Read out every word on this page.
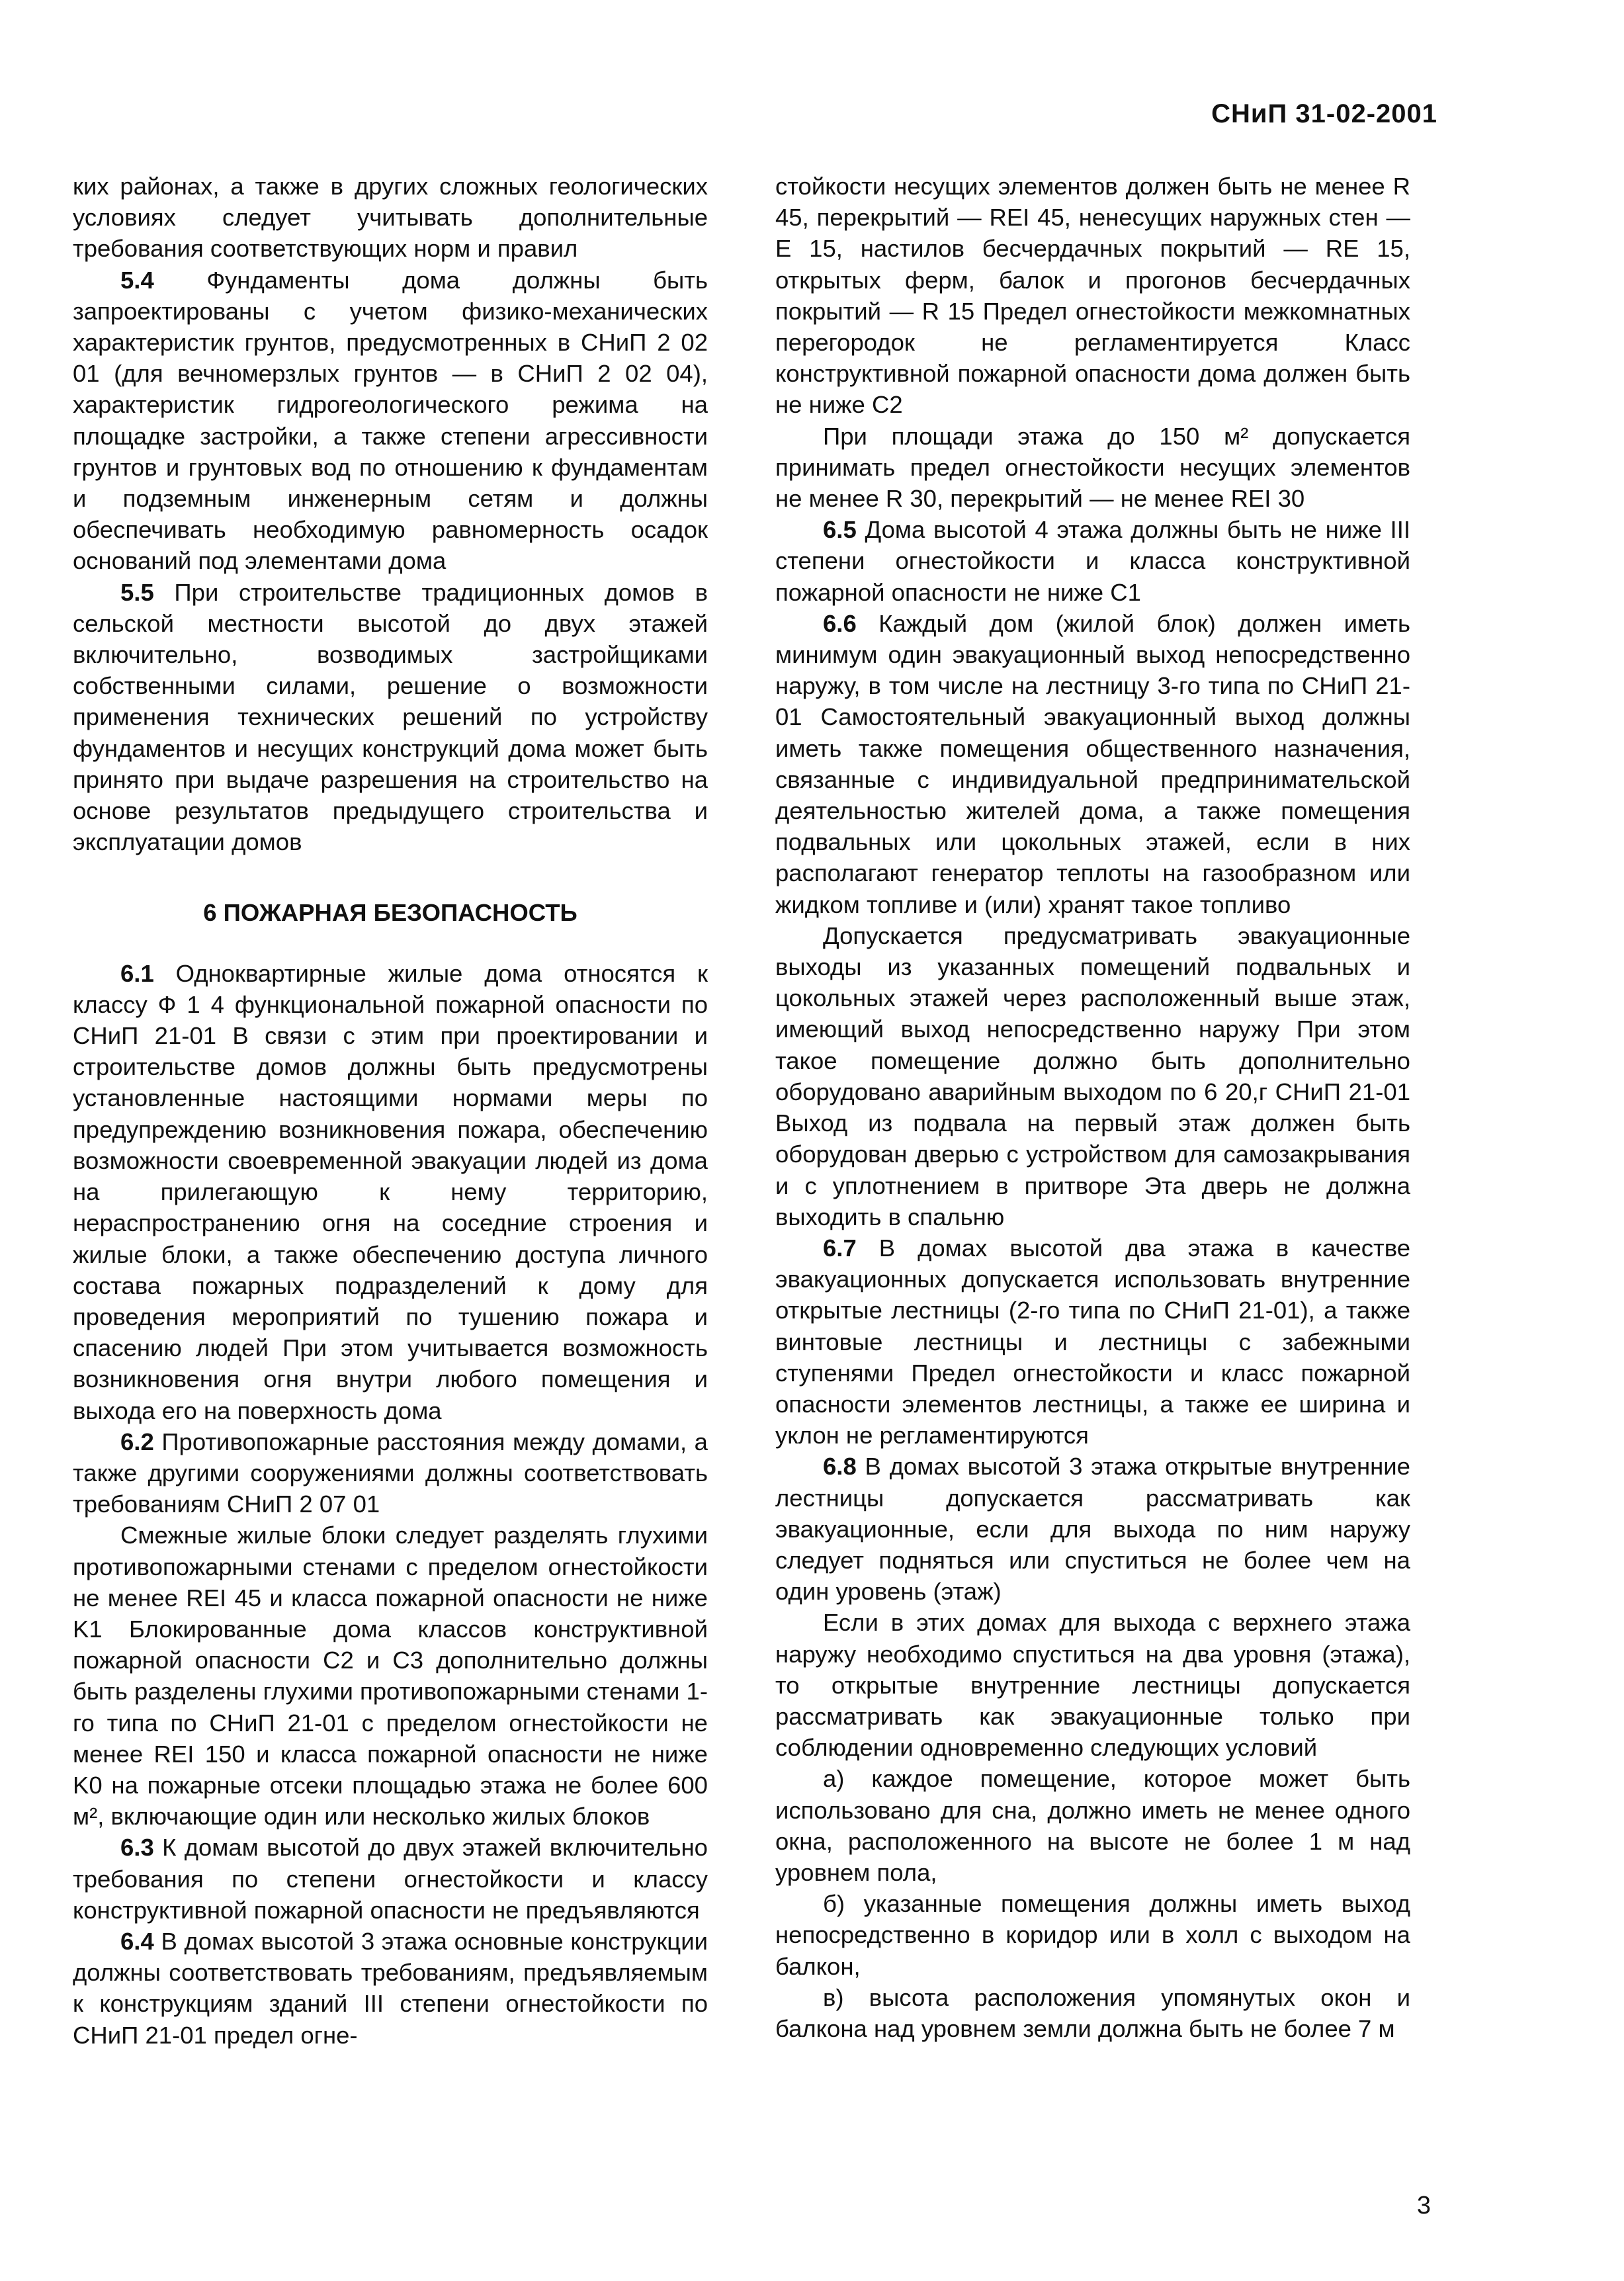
СНиП 31-02-2001

ких районах, а также в других сложных геологических условиях следует учитывать дополнительные требования соответствующих норм и правил

5.4 Фундаменты дома должны быть запроектированы с учетом физико-механических характеристик грунтов, предусмотренных в СНиП 2 02 01 (для вечномерзлых грунтов — в СНиП 2 02 04), характеристик гидрогеологического режима на площадке застройки, а также степени агрессивности грунтов и грунтовых вод по отношению к фундаментам и подземным инженерным сетям и должны обеспечивать необходимую равномерность осадок оснований под элементами дома

5.5 При строительстве традиционных домов в сельской местности высотой до двух этажей включительно, возводимых застройщиками собственными силами, решение о возможности применения технических решений по устройству фундаментов и несущих конструкций дома может быть принято при выдаче разрешения на строительство на основе результатов предыдущего строительства и эксплуатации домов

6 ПОЖАРНАЯ БЕЗОПАСНОСТЬ

6.1 Одноквартирные жилые дома относятся к классу Ф 1 4 функциональной пожарной опасности по СНиП 21-01 В связи с этим при проектировании и строительстве домов должны быть предусмотрены установленные настоящими нормами меры по предупреждению возникновения пожара, обеспечению возможности своевременной эвакуации людей из дома на прилегающую к нему территорию, нераспространению огня на соседние строения и жилые блоки, а также обеспечению доступа личного состава пожарных подразделений к дому для проведения мероприятий по тушению пожара и спасению людей При этом учитывается возможность возникновения огня внутри любого помещения и выхода его на поверхность дома

6.2 Противопожарные расстояния между домами, а также другими сооружениями должны соответствовать требованиям СНиП 2 07 01

Смежные жилые блоки следует разделять глухими противопожарными стенами с пределом огнестойкости не менее REI 45 и класса пожарной опасности не ниже K1 Блокированные дома классов конструктивной пожарной опасности C2 и C3 дополнительно должны быть разделены глухими противопожарными стенами 1-го типа по СНиП 21-01 с пределом огнестойкости не менее REI 150 и класса пожарной опасности не ниже K0 на пожарные отсеки площадью этажа не более 600 м², включающие один или несколько жилых блоков

6.3 К домам высотой до двух этажей включительно требования по степени огнестойкости и классу конструктивной пожарной опасности не предъявляются

6.4 В домах высотой 3 этажа основные конструкции должны соответствовать требованиям, предъявляемым к конструкциям зданий III степени огнестойкости по СНиП 21-01 предел огне-

стойкости несущих элементов должен быть не менее R 45, перекрытий — REI 45, ненесущих наружных стен — E 15, настилов бесчердачных покрытий — RE 15, открытых ферм, балок и прогонов бесчердачных покрытий — R 15 Предел огнестойкости межкомнатных перегородок не регламентируется Класс конструктивной пожарной опасности дома должен быть не ниже C2

При площади этажа до 150 м² допускается принимать предел огнестойкости несущих элементов не менее R 30, перекрытий — не менее REI 30

6.5 Дома высотой 4 этажа должны быть не ниже III степени огнестойкости и класса конструктивной пожарной опасности не ниже C1

6.6 Каждый дом (жилой блок) должен иметь минимум один эвакуационный выход непосредственно наружу, в том числе на лестницу 3-го типа по СНиП 21-01 Самостоятельный эвакуационный выход должны иметь также помещения общественного назначения, связанные с индивидуальной предпринимательской деятельностью жителей дома, а также помещения подвальных или цокольных этажей, если в них располагают генератор теплоты на газообразном или жидком топливе и (или) хранят такое топливо

Допускается предусматривать эвакуационные выходы из указанных помещений подвальных и цокольных этажей через расположенный выше этаж, имеющий выход непосредственно наружу При этом такое помещение должно быть дополнительно оборудовано аварийным выходом по 6 20,г СНиП 21-01 Выход из подвала на первый этаж должен быть оборудован дверью с устройством для самозакрывания и с уплотнением в притворе Эта дверь не должна выходить в спальню

6.7 В домах высотой два этажа в качестве эвакуационных допускается использовать внутренние открытые лестницы (2-го типа по СНиП 21-01), а также винтовые лестницы и лестницы с забежными ступенями Предел огнестойкости и класс пожарной опасности элементов лестницы, а также ее ширина и уклон не регламентируются

6.8 В домах высотой 3 этажа открытые внутренние лестницы допускается рассматривать как эвакуационные, если для выхода по ним наружу следует подняться или спуститься не более чем на один уровень (этаж)

Если в этих домах для выхода с верхнего этажа наружу необходимо спуститься на два уровня (этажа), то открытые внутренние лестницы допускается рассматривать как эвакуационные только при соблюдении одновременно следующих условий

а) каждое помещение, которое может быть использовано для сна, должно иметь не менее одного окна, расположенного на высоте не более 1 м над уровнем пола,

б) указанные помещения должны иметь выход непосредственно в коридор или в холл с выходом на балкон,

в) высота расположения упомянутых окон и балкона над уровнем земли должна быть не более 7 м

3
